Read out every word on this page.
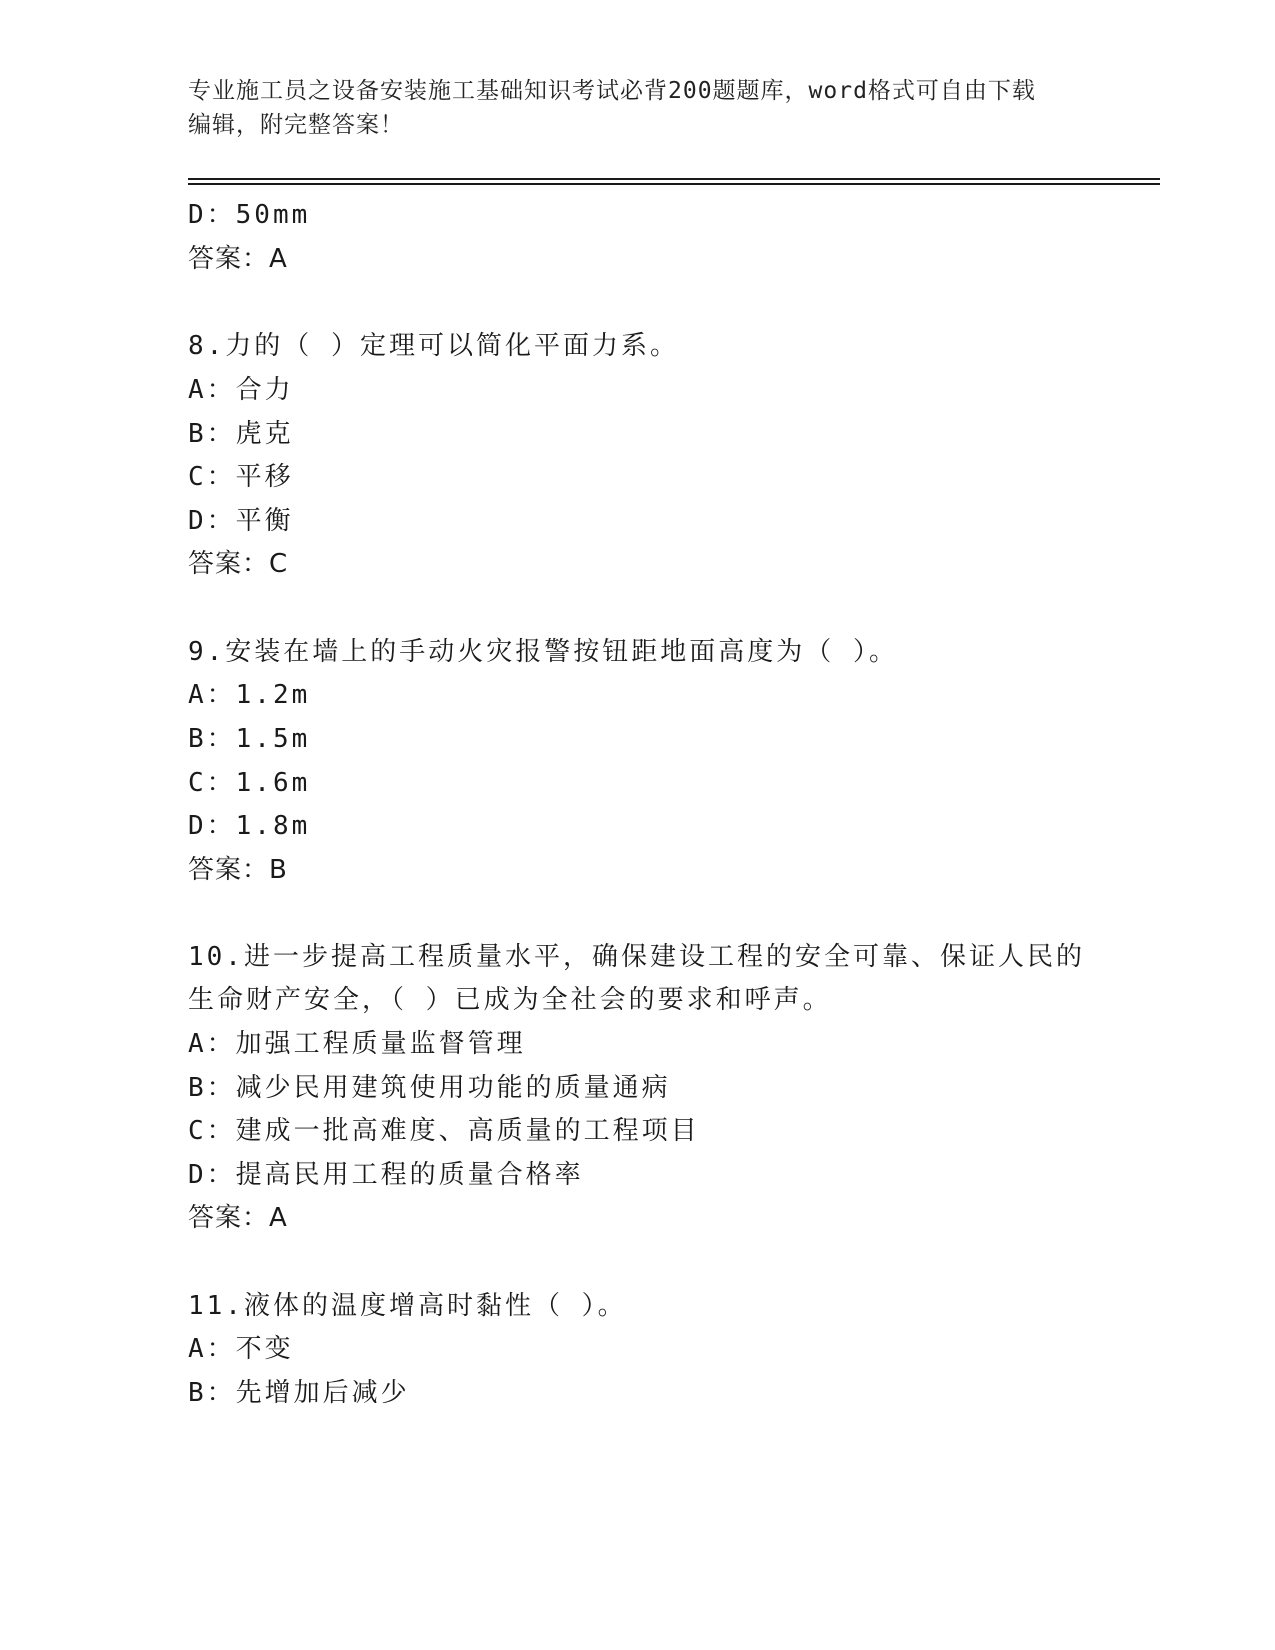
专业施工员之设备安装施工基础知识考试必背200题题库，word格式可自由下载
编辑，附完整答案！
D：50mm
答案：A
8.力的（ ）定理可以简化平面力系。
A：合力
B：虎克
C：平移
D：平衡
答案：C
9.安装在墙上的手动火灾报警按钮距地面高度为（ ）。
A：1.2m
B：1.5m
C：1.6m
D：1.8m
答案：B
10.进一步提高工程质量水平，确保建设工程的安全可靠、保证人民的
生命财产安全，（ ）已成为全社会的要求和呼声。
A：加强工程质量监督管理
B：减少民用建筑使用功能的质量通病
C：建成一批高难度、高质量的工程项目
D：提高民用工程的质量合格率
答案：A
11.液体的温度增高时黏性（ ）。
A：不变
B：先增加后减少
